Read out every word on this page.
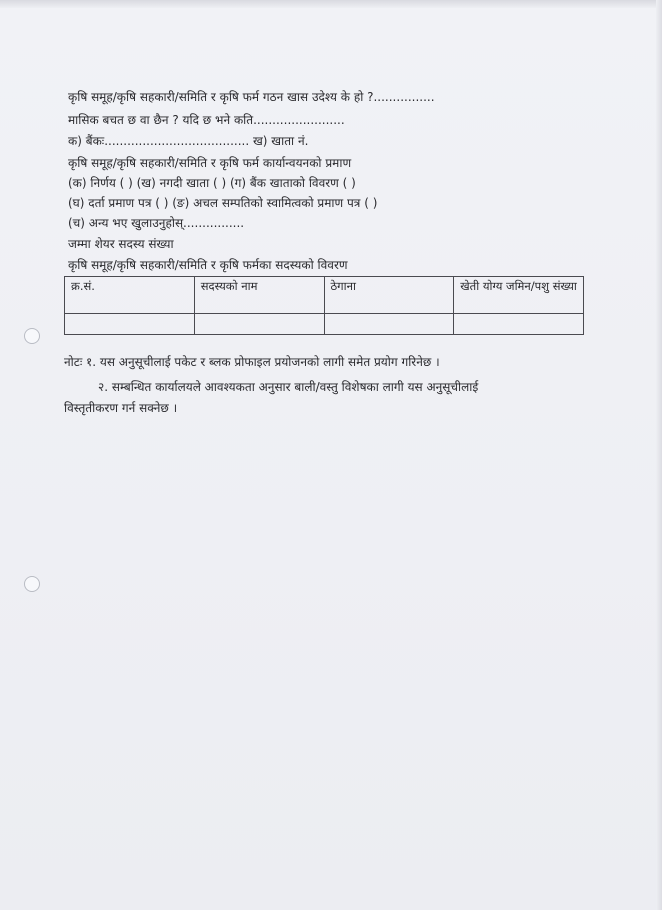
कृषि समूह/कृषि सहकारी/समिति र कृषि फर्म गठन खास उदेश्य के हो ?................
मासिक बचत छ वा छैन ? यदि छ भने कति........................
क) बैंकः...................................... ख) खाता नं.
कृषि समूह/कृषि सहकारी/समिति र कृषि फर्म कार्यान्वयनको प्रमाण
(क) निर्णय ( ) (ख) नगदी खाता ( ) (ग) बैंक खाताको विवरण ( )
(घ) दर्ता प्रमाण पत्र ( ) (ङ) अचल सम्पतिको स्वामित्वको प्रमाण पत्र ( )
(च) अन्य भए खुलाउनुहोस्................
जम्मा शेयर सदस्य संख्या
कृषि समूह/कृषि सहकारी/समिति र कृषि फर्मका सदस्यको विवरण
क्र.सं.	सदस्यको नाम	ठेगाना	खेती योग्य जमिन/पशु संख्या

नोटः १. यस अनुसूचीलाई पकेट र ब्लक प्रोफाइल प्रयोजनको लागी समेत प्रयोग गरिनेछ ।
२. सम्बन्धित कार्यालयले आवश्यकता अनुसार बाली/वस्तु विशेषका लागी यस अनुसूचीलाई
विस्तृतीकरण गर्न सक्नेछ ।
